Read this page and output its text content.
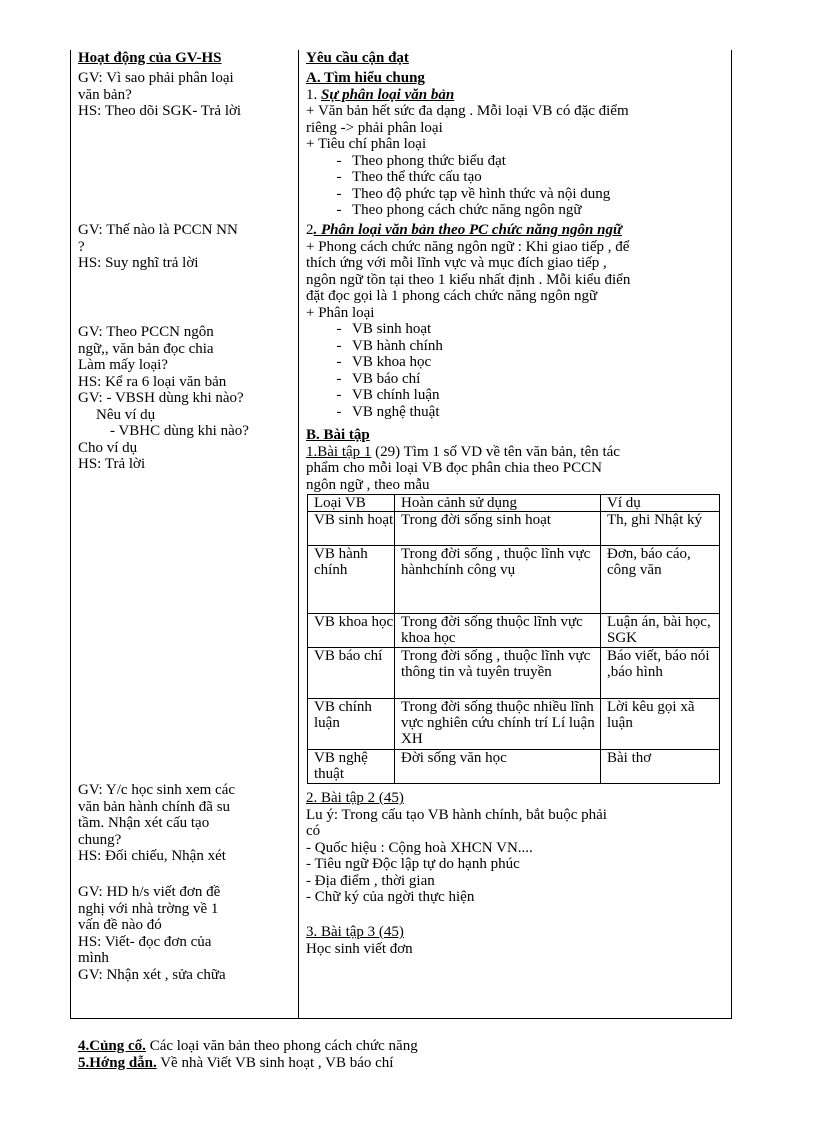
Hoạt động của GV-HS	Yêu cầu cận đạt
GV: Vì sao phải phân loại
văn bản?
HS: Theo dõi SGK- Trả lời
GV: Thế nào là PCCN NN
?
HS: Suy nghĩ trả lời
GV: Theo PCCN ngôn
ngữ,, văn bản đọc chia
Làm mấy loại?
HS: Kể ra 6 loại văn bản
GV: - VBSH dùng khi nào?
Nêu ví dụ
- VBHC dùng khi nào?
Cho ví dụ
HS: Trả lời
GV: Y/c học sinh xem các
văn bản hành chính đã su
tầm. Nhận xét cấu tạo
chung?
HS: Đối chiếu, Nhận xét
GV: HD h/s viết đơn đề
nghị với nhà trờng về 1
vấn đề nào đó
HS: Viết- đọc đơn của
mình
GV: Nhận xét , sửa chữa
A. Tìm hiểu chung
1. Sự phân loại văn bản
+ Văn bản hết sức đa dạng . Mỗi loại VB có đặc điểm
riêng -> phải phân loại
+ Tiêu chí phân loại
- Theo phong thức biểu đạt
- Theo thể thức cấu tạo
- Theo độ phức tạp về hình thức và nội dung
- Theo phong cách chức năng ngôn ngữ
2. Phân loại văn bản theo PC chức năng ngôn ngữ
+ Phong cách chức năng ngôn ngữ : Khi giao tiếp , để
thích ứng với mỗi lĩnh vực và mục đích giao tiếp ,
ngôn ngữ tồn tại theo 1 kiểu nhất định . Mỗi kiểu điển
đặt đọc gọi là 1 phong cách chức năng ngôn ngữ
+ Phân loại
- VB sinh hoạt
- VB hành chính
- VB khoa học
- VB báo chí
- VB chính luận
- VB nghệ thuật
B. Bài tập
1.Bài tập 1 (29) Tìm 1 số VD về tên văn bản, tên tác
phẩm cho mỗi loại VB đọc phân chia theo PCCN
ngôn ngữ , theo mẫu
Loại VB	Hoàn cảnh sử dụng	Ví dụ
VB sinh hoạt	Trong đời sống sinh hoạt	Th, ghi Nhật ký
VB hành chính	Trong đời sống , thuộc lĩnh vực hànhchính công vụ	Đơn, báo cáo, công văn
VB khoa học	Trong đời sống thuộc lĩnh vực khoa học	Luận án, bài học, SGK
VB báo chí	Trong đời sống , thuộc lĩnh vực thông tin và tuyên truyền	Báo viết, báo nói ,báo hình
VB chính luận	Trong đời sống thuộc nhiều lĩnh vực nghiên cứu chính trí Lí luận XH	Lời kêu gọi xã luận
VB nghệ thuật	Đời sống văn học	Bài thơ
2. Bài tập 2 (45)
Lu ý: Trong cấu tạo VB hành chính, bắt buộc phải
có
- Quốc hiệu : Cộng hoà XHCN VN....
- Tiêu ngữ Độc lập tự do hạnh phúc
- Địa điểm , thời gian
- Chữ ký của ngời thực hiện
3. Bài tập 3 (45)
Học sinh viết đơn
4.Củng cố. Các loại văn bản theo phong cách chức năng
5.Hớng dẫn. Về nhà Viết VB sinh hoạt , VB báo chí
